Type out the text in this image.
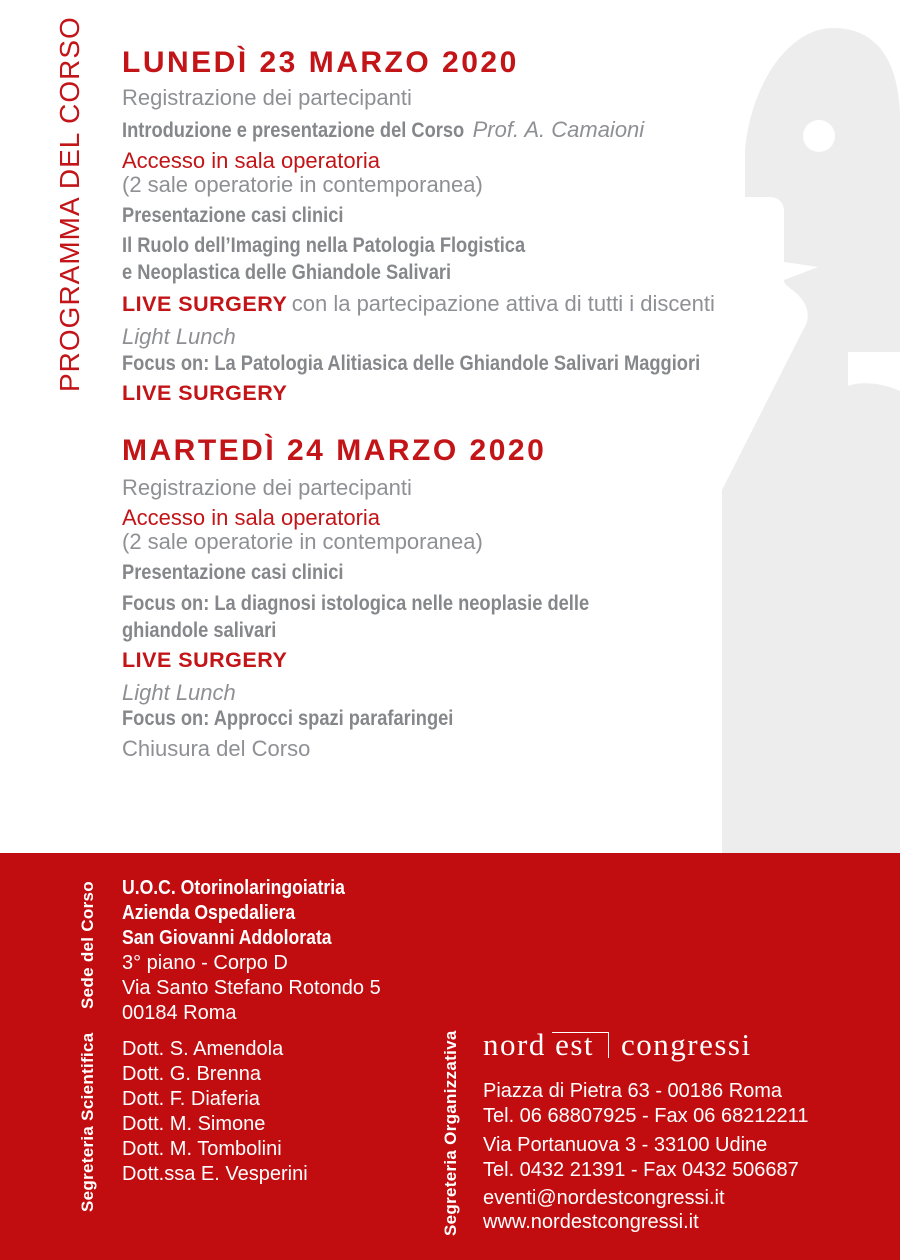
PROGRAMMA DEL CORSO LUNEDÌ 23 MARZO 2020
Registrazione dei partecipanti
Introduzione e presentazione del Corso Prof. A. Camaioni
Accesso in sala operatoria
(2 sale operatorie in contemporanea)
Presentazione casi clinici
Il Ruolo dell’Imaging nella Patologia Flogistica
e Neoplastica delle Ghiandole Salivari
LIVE SURGERY con la partecipazione attiva di tutti i discenti
Light Lunch
Focus on: La Patologia Alitiasica delle Ghiandole Salivari Maggiori
LIVE SURGERY
MARTEDÌ 24 MARZO 2020
Registrazione dei partecipanti
Accesso in sala operatoria
(2 sale operatorie in contemporanea)
Presentazione casi clinici
Focus on: La diagnosi istologica nelle neoplasie delle
ghiandole salivari
LIVE SURGERY
Light Lunch
Focus on: Approcci spazi parafaringei
Chiusura del Corso
Sede del Corso U.O.C. Otorinolaringoiatria
Azienda Ospedaliera
San Giovanni Addolorata
3° piano - Corpo D
Via Santo Stefano Rotondo 5
00184 Roma
Segreteria Scientifica Dott. S. Amendola
Dott. G. Brenna
Dott. F. Diaferia
Dott. M. Simone
Dott. M. Tombolini
Dott.ssa E. Vesperini	Segreteria Organizzativa nord est congressi
Piazza di Pietra 63 - 00186 Roma
Tel. 06 68807925 - Fax 06 68212211
Via Portanuova 3 - 33100 Udine
Tel. 0432 21391 - Fax 0432 506687
eventi@nordestcongressi.it
www.nordestcongressi.it
